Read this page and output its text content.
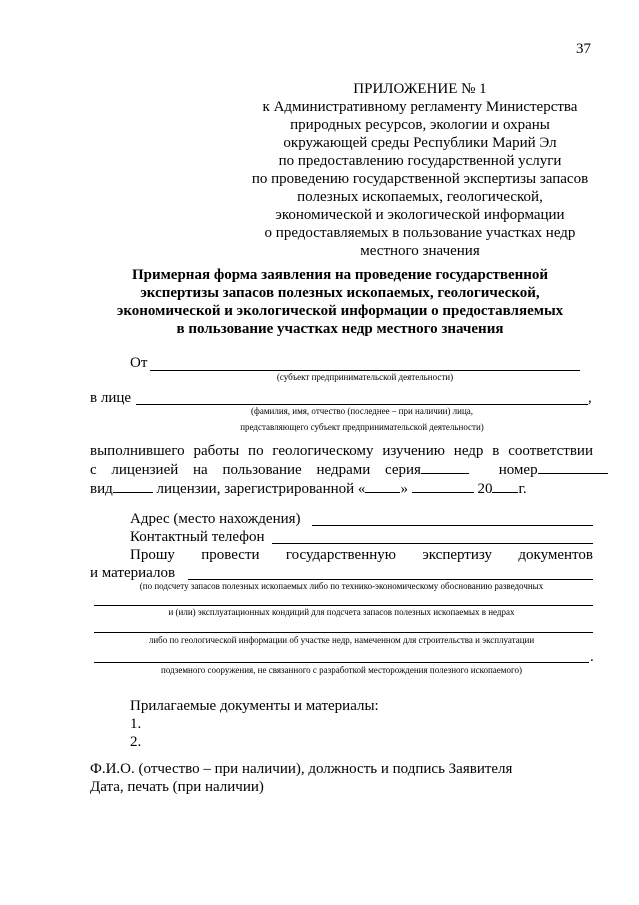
37
ПРИЛОЖЕНИЕ № 1
к Административному регламенту Министерства
природных ресурсов, экологии и охраны
окружающей среды Республики Марий Эл
по предоставлению государственной услуги
по проведению государственной экспертизы запасов
полезных ископаемых, геологической,
экономической и экологической информации
о предоставляемых в пользование участках недр
местного значения
Примерная форма заявления на проведение государственной
экспертизы запасов полезных ископаемых, геологической,
экономической и экологической информации о предоставляемых
в пользование участках недр местного значения
От
(субъект предпринимательской деятельности)
в лице	,
(фамилия, имя, отчество (последнее – при наличии) лица,
представляющего субъект предпринимательской деятельности)
выполнившего работы по геологическому изучению недр в соответствии
с лицензией на пользование недрами серия	номер
вид	лицензии, зарегистрированной « »	20 г.
Адрес (место нахождения)
Контактный телефон
Прошу провести государственную экспертизу документов
и материалов
(по подсчету запасов полезных ископаемых либо по технико-экономическому обоснованию разведочных
и (или) эксплуатационных кондиций для подсчета запасов полезных ископаемых в недрах
либо по геологической информации об участке недр, намеченном для строительства и эксплуатации
.
подземного сооружения, не связанного с разработкой месторождения полезного ископаемого)
Прилагаемые документы и материалы:
1.
2.
Ф.И.О. (отчество – при наличии), должность и подпись Заявителя
Дата, печать (при наличии)
